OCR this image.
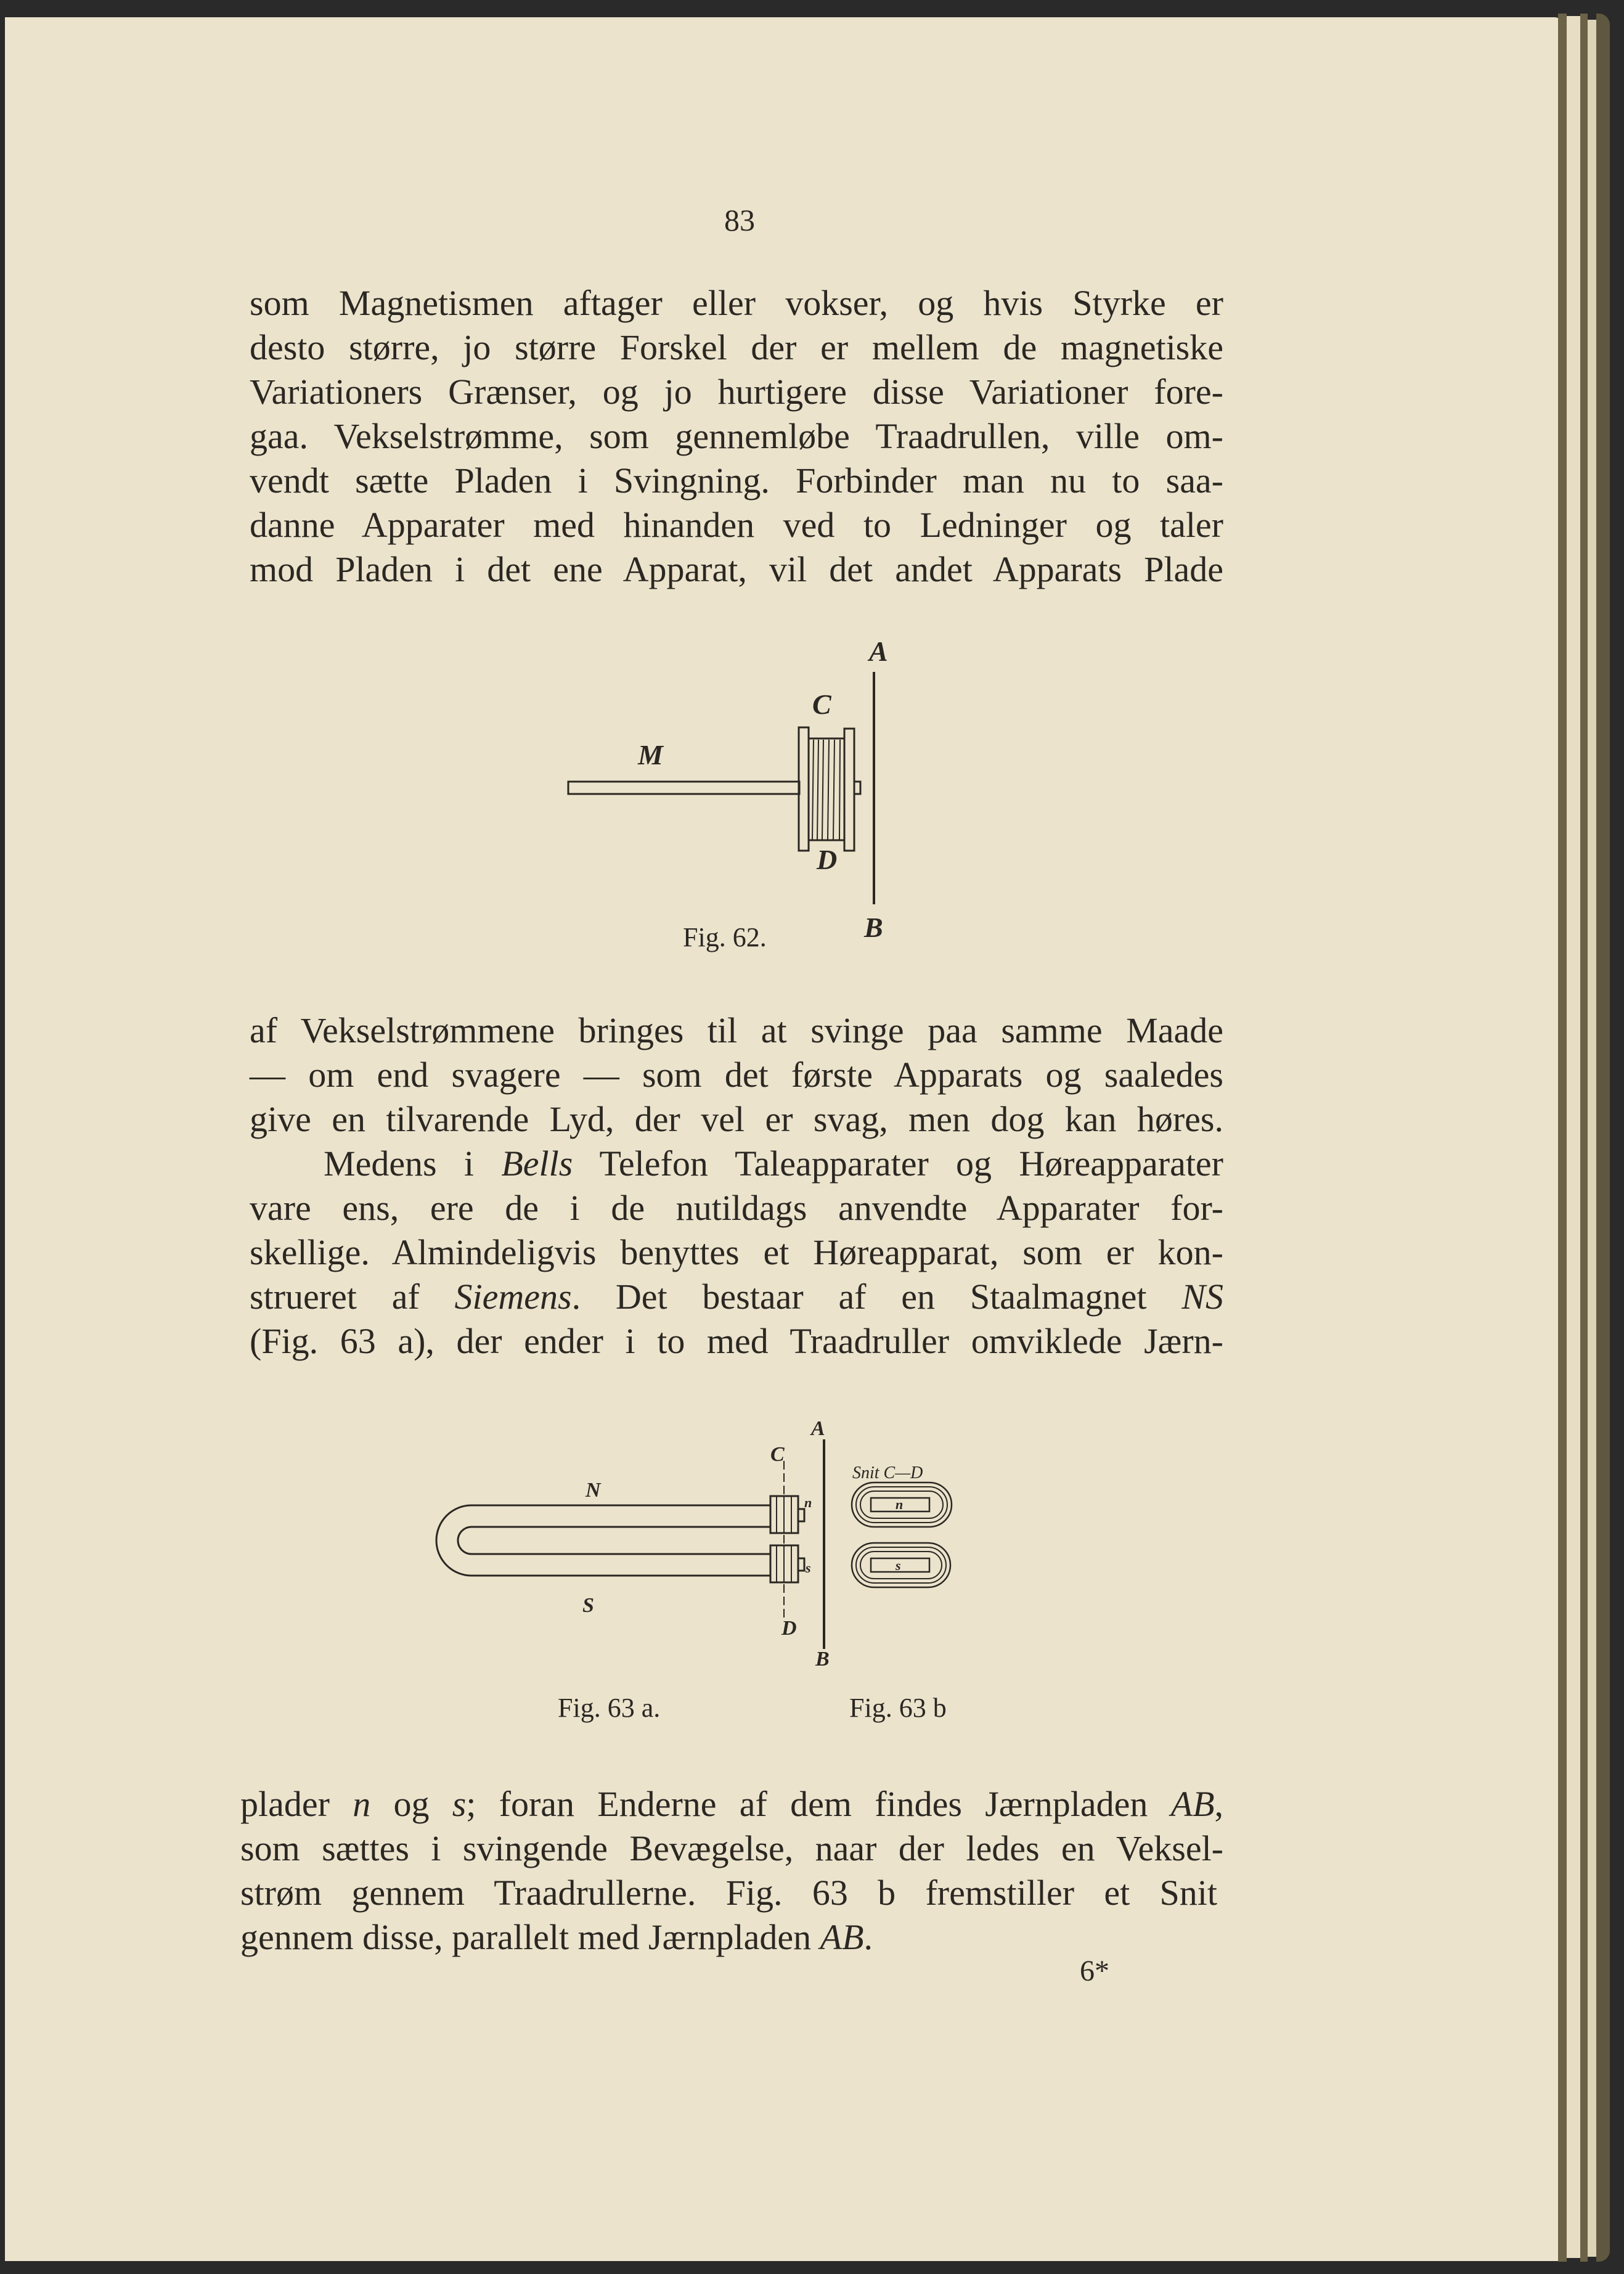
83
som Magnetismen aftager eller vokser, og hvis Styrke er
desto større, jo større Forskel der er mellem de magnetiske
Variationers Grænser, og jo hurtigere disse Variationer fore-
gaa. Vekselstrømme, som gennemløbe Traadrullen, ville om-
vendt sætte Pladen i Svingning. Forbinder man nu to saa-
danne Apparater med hinanden ved to Ledninger og taler
mod Pladen i det ene Apparat, vil det andet Apparats Plade
A
C
M
D
B
Fig. 62.
af Vekselstrømmene bringes til at svinge paa samme Maade
— om end svagere — som det første Apparats og saaledes
give en tilvarende Lyd, der vel er svag, men dog kan høres.
Medens i Bells Telefon Taleapparater og Høreapparater
vare ens, ere de i de nutildags anvendte Apparater for-
skellige. Almindeligvis benyttes et Høreapparat, som er kon-
strueret af Siemens. Det bestaar af en Staalmagnet NS
(Fig. 63 a), der ender i to med Traadruller omviklede Jærn-
A
C
N
S
n
s
D
B
Snit C—D
n
s
Fig. 63 a.	Fig. 63 b
plader n og s; foran Enderne af dem findes Jærnpladen AB,
som sættes i svingende Bevægelse, naar der ledes en Veksel-
strøm gennem Traadrullerne. Fig. 63 b fremstiller et Snit
gennem disse, parallelt med Jærnpladen AB.
6*
